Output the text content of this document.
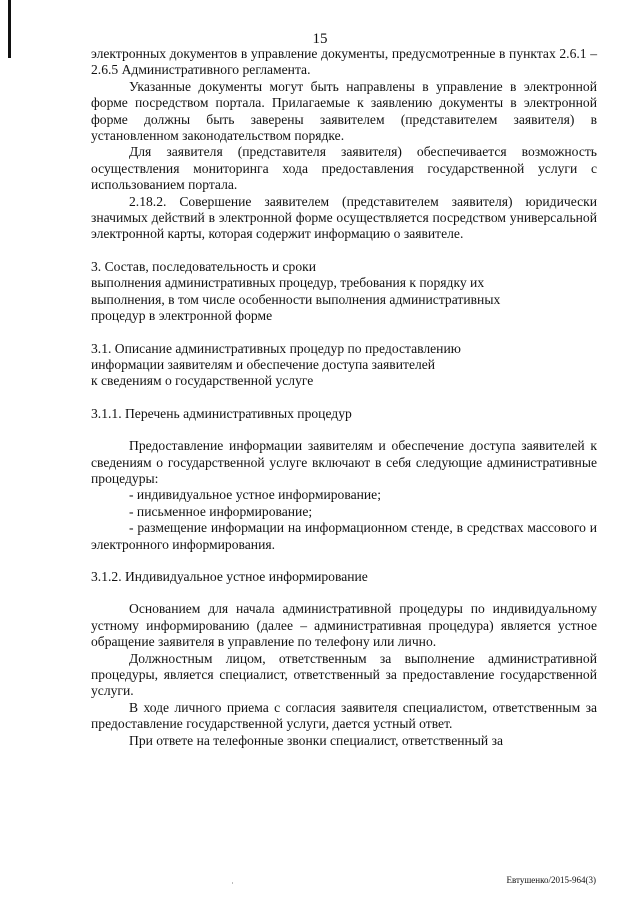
15

электронных документов в управление документы, предусмотренные в пунктах 2.6.1 – 2.6.5 Административного регламента.

Указанные документы могут быть направлены в управление в электронной форме посредством портала. Прилагаемые к заявлению документы в электронной форме должны быть заверены заявителем (представителем заявителя) в установленном законодательством порядке.

Для заявителя (представителя заявителя) обеспечивается возможность осуществления мониторинга хода предоставления государственной услуги с использованием портала.

2.18.2. Совершение заявителем (представителем заявителя) юридически значимых действий в электронной форме осуществляется посредством универсальной электронной карты, которая содержит информацию о заявителе.

3. Состав, последовательность и сроки

выполнения административных процедур, требования к порядку их

выполнения, в том числе особенности выполнения административных

процедур в электронной форме

3.1. Описание административных процедур по предоставлению

информации заявителям и обеспечение доступа заявителей

к сведениям о государственной услуге

3.1.1. Перечень административных процедур

Предоставление информации заявителям и обеспечение доступа заявителей к сведениям о государственной услуге включают в себя следующие административные процедуры:

- индивидуальное устное информирование;

- письменное информирование;

- размещение информации на информационном стенде, в средствах массового и электронного информирования.

3.1.2. Индивидуальное устное информирование

Основанием для начала административной процедуры по индивидуальному устному информированию (далее – административная процедура) является устное обращение заявителя в управление по телефону или лично.

Должностным лицом, ответственным за выполнение административной процедуры, является специалист, ответственный за предоставление государственной услуги.

В ходе личного приема с согласия заявителя специалистом, ответственным за предоставление государственной услуги, дается устный ответ.

При ответе на телефонные звонки специалист, ответственный за

Евтушенко/2015-964(3)
